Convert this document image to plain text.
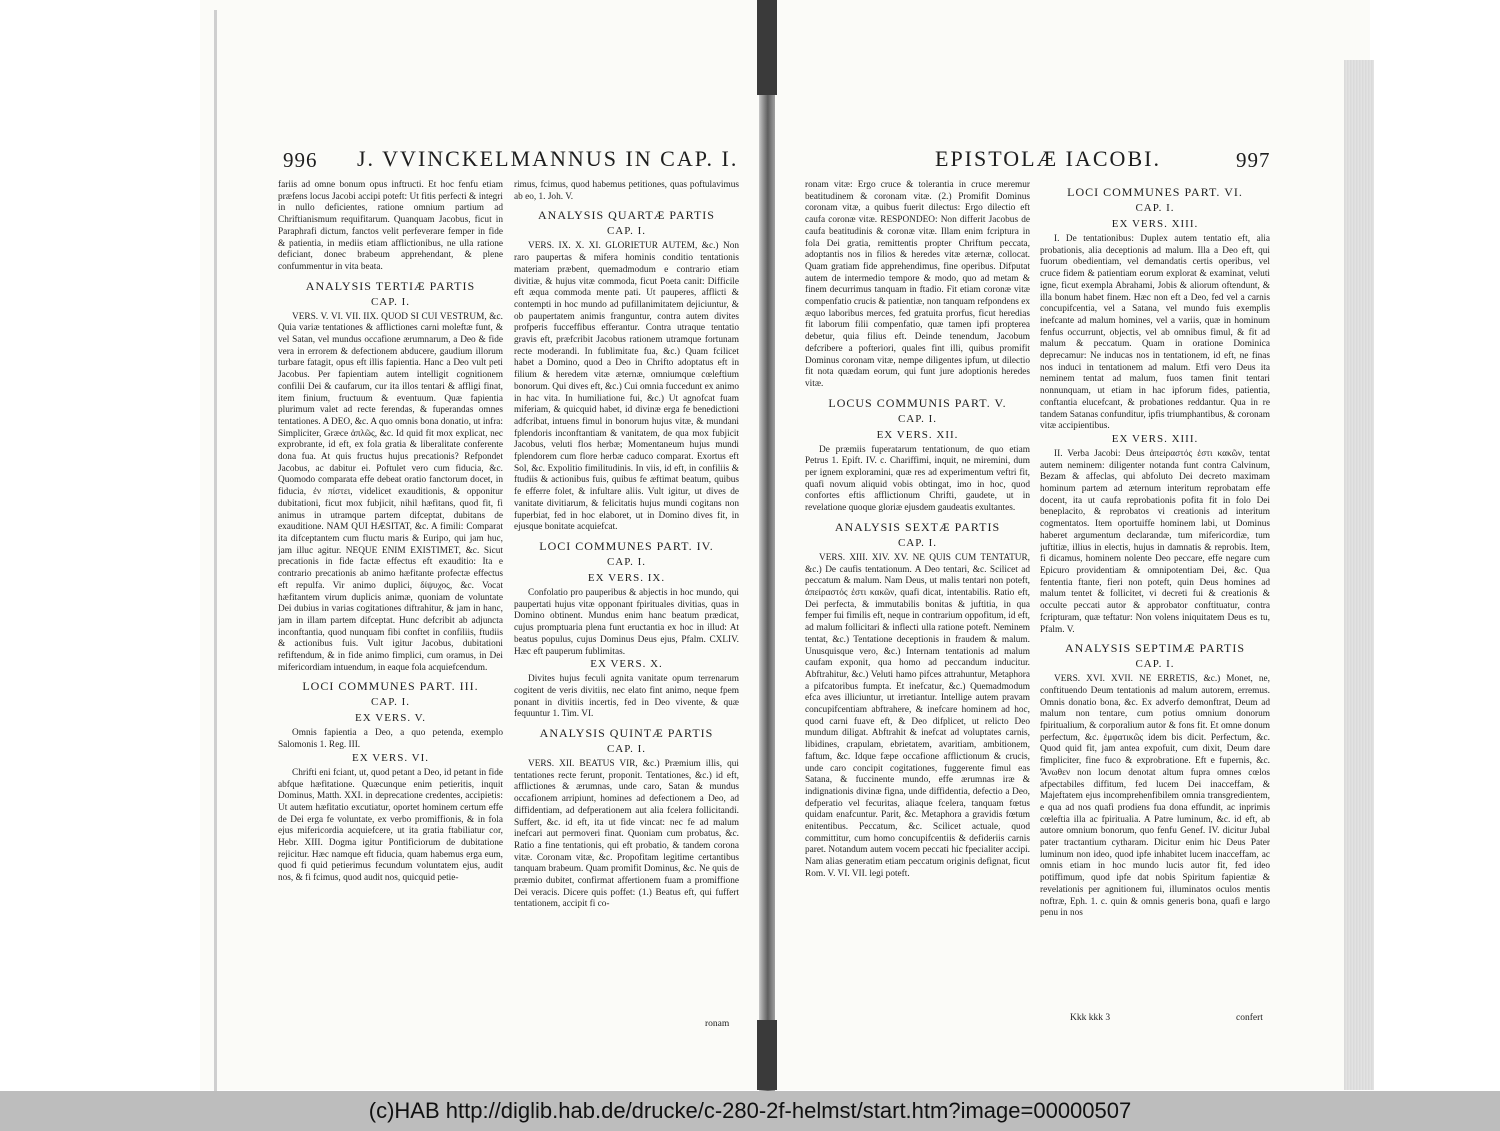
996 J. VVINCKELMANNUS IN CAP. I.	EPISTOLÆ IACOBI.	997

fariis ad omne bonum opus inftructi. Et hoc fenfu etiam præfens locus Jacobi accipi poteft: Ut fitis perfecti & integri in nullo deficientes, ratione omnium partium ad Chriftianismum requifitarum. Quanquam Jacobus, ficut in Paraphrafi dictum, fanctos velit perfeverare femper in fide & patientia, in mediis etiam afflictionibus, ne ulla ratione deficiant, donec brabeum apprehendant, & plene confummentur in vita beata.

ANALYSIS TERTIÆ PARTIS
CAP. I.

VERS. V. VI. VII. IIX. QUOD SI CUI VESTRUM, &c. Quia variæ tentationes & afflictiones carni moleftæ funt, & vel Satan, vel mundus occafione ærumnarum, a Deo & fide vera in errorem & defectionem abducere, gaudium illorum turbare fatagit, opus eft illis fapientia. Hanc a Deo vult peti Jacobus. Per fapientiam autem intelligit cognitionem confilii Dei & caufarum, cur ita illos tentari & affligi finat, item finium, fructuum & eventuum. Quæ fapientia plurimum valet ad recte ferendas, & fuperandas omnes tentationes. A DEO, &c. A quo omnis bona donatio, ut infra: Simpliciter, Græce ἁπλῶς, &c. Id quid fit mox explicat, nec exprobrante, id eft, ex fola gratia & liberalitate conferente dona fua. At quis fructus hujus precationis? Refpondet Jacobus, ac dabitur ei. Poftulet vero cum fiducia, &c. Quomodo comparata effe debeat oratio fanctorum docet, in fiducia, ἐν πίστει, videlicet exauditionis, & opponitur dubitationi, ficut mox fubjicit, nihil hæfitans, quod fit, fi animus in utramque partem difceptat, dubitans de exauditione. NAM QUI HÆSITAT, &c. A fimili: Comparat ita difceptantem cum fluctu maris & Euripo, qui jam huc, jam illuc agitur. NEQUE ENIM EXISTIMET, &c. Sicut precationis in fide factæ effectus eft exauditio: Ita e contrario precationis ab animo hæfitante profectæ effectus eft repulfa. Vir animo duplici, δίψυχος, &c. Vocat hæfitantem virum duplicis animæ, quoniam de voluntate Dei dubius in varias cogitationes diftrahitur, & jam in hanc, jam in illam partem difceptat. Hunc defcribit ab adjuncta inconftantia, quod nunquam fibi conftet in confiliis, ftudiis & actionibus fuis. Vult igitur Jacobus, dubitationi refiftendum, & in fide animo fimplici, cum oramus, in Dei mifericordiam intuendum, in eaque fola acquiefcendum.

LOCI COMMUNES PART. III.
CAP. I.
EX VERS. V.

Omnis fapientia a Deo, a quo petenda, exemplo Salomonis 1. Reg. III.

EX VERS. VI.

Chrifti eni fciant, ut, quod petant a Deo, id petant in fide abfque hæfitatione. Quæcunque enim petieritis, inquit Dominus, Matth. XXI. in deprecatione credentes, accipietis: Ut autem hæfitatio excutiatur, oportet hominem certum effe de Dei erga fe voluntate, ex verbo promiffionis, & in fola ejus mifericordia acquiefcere, ut ita gratia ftabiliatur cor, Hebr. XIII. Dogma igitur Pontificiorum de dubitatione rejicitur. Hæc namque eft fiducia, quam habemus erga eum, quod fi quid petierimus fecundum voluntatem ejus, audit nos, & fi fcimus, quod audit nos, quicquid petie-

rimus, fcimus, quod habemus petitiones, quas poftulavimus ab eo, 1. Joh. V.

ANALYSIS QUARTÆ PARTIS
CAP. I.

VERS. IX. X. XI. GLORIETUR AUTEM, &c.) Non raro paupertas & mifera hominis conditio tentationis materiam præbent, quemadmodum e contrario etiam divitiæ, & hujus vitæ commoda, ficut Poeta canit: Difficile eft æqua commoda mente pati. Ut pauperes, afflicti & contempti in hoc mundo ad pufillanimitatem dejiciuntur, & ob paupertatem animis franguntur, contra autem divites profperis fucceffibus efferantur. Contra utraque tentatio gravis eft, præfcribit Jacobus rationem utramque fortunam recte moderandi. In fublimitate fua, &c.) Quam fcilicet habet a Domino, quod a Deo in Chrifto adoptatus eft in filium & heredem vitæ æternæ, omniumque cœleftium bonorum. Qui dives eft, &c.) Cui omnia fuccedunt ex animo in hac vita. In humiliatione fui, &c.) Ut agnofcat fuam miferiam, & quicquid habet, id divinæ erga fe benedictioni adfcribat, intuens fimul in bonorum hujus vitæ, & mundani fplendoris inconftantiam & vanitatem, de qua mox fubjicit Jacobus, veluti flos herbæ; Momentaneum hujus mundi fplendorem cum flore herbæ caduco comparat. Exortus eft Sol, &c. Expolitio fimilitudinis. In viis, id eft, in confiliis & ftudiis & actionibus fuis, quibus fe æftimat beatum, quibus fe efferre folet, & infultare aliis. Vult igitur, ut dives de vanitate divitiarum, & felicitatis hujus mundi cogitans non fuperbiat, fed in hoc elaboret, ut in Domino dives fit, in ejusque bonitate acquiefcat.

LOCI COMMUNES PART. IV.
CAP. I.
EX VERS. IX.

Confolatio pro pauperibus & abjectis in hoc mundo, qui paupertati hujus vitæ opponant fpirituales divitias, quas in Domino obtinent. Mundus enim hanc beatum prædicat, cujus promptuaria plena funt eructantia ex hoc in illud: At beatus populus, cujus Dominus Deus ejus, Pfalm. CXLIV. Hæc eft pauperum fublimitas.

EX VERS. X.

Divites hujus feculi agnita vanitate opum terrenarum cogitent de veris divitiis, nec elato fint animo, neque fpem ponant in divitiis incertis, fed in Deo vivente, & quæ fequuntur 1. Tim. VI.

ANALYSIS QUINTÆ PARTIS
CAP. I.

VERS. XII. BEATUS VIR, &c.) Præmium illis, qui tentationes recte ferunt, proponit. Tentationes, &c.) id eft, afflictiones & ærumnas, unde caro, Satan & mundus occafionem arripiunt, homines ad defectionem a Deo, ad diffidentiam, ad defperationem aut alia fcelera follicitandi. Suffert, &c. id eft, ita ut fide vincat: nec fe ad malum inefcari aut permoveri finat. Quoniam cum probatus, &c. Ratio a fine tentationis, qui eft probatio, & tandem corona vitæ. Coronam vitæ, &c. Propofitam legitime certantibus tanquam brabeum. Quam promifit Dominus, &c. Ne quis de præmio dubitet, confirmat affertionem fuam a promiffione Dei veracis. Dicere quis poffet: (1.) Beatus eft, qui fuffert tentationem, accipit fi co-

ronam

ronam vitæ: Ergo cruce & tolerantia in cruce meremur beatitudinem & coronam vitæ. (2.) Promifit Dominus coronam vitæ, a quibus fuerit dilectus: Ergo dilectio eft caufa coronæ vitæ. RESPONDEO: Non differit Jacobus de caufa beatitudinis & coronæ vitæ. Illam enim fcriptura in fola Dei gratia, remittentis propter Chriftum peccata, adoptantis nos in filios & heredes vitæ æternæ, collocat. Quam gratiam fide apprehendimus, fine operibus. Difputat autem de intermedio tempore & modo, quo ad metam & finem decurrimus tanquam in ftadio. Fit etiam coronæ vitæ compenfatio crucis & patientiæ, non tanquam refpondens ex æquo laboribus merces, fed gratuita prorfus, ficut heredias fit laborum filii compenfatio, quæ tamen ipfi propterea debetur, quia filius eft. Deinde tenendum, Jacobum defcribere a pofteriori, quales fint illi, quibus promifit Dominus coronam vitæ, nempe diligentes ipfum, ut dilectio fit nota quædam eorum, qui funt jure adoptionis heredes vitæ.

LOCUS COMMUNIS PART. V.
CAP. I.
EX VERS. XII.

De præmiis fuperatarum tentationum, de quo etiam Petrus 1. Epift. IV. c. Chariffimi, inquit, ne miremini, dum per ignem exploramini, quæ res ad experimentum veftri fit, quafi novum aliquid vobis obtingat, imo in hoc, quod confortes eftis afflictionum Chrifti, gaudete, ut in revelatione quoque gloriæ ejusdem gaudeatis exultantes.

ANALYSIS SEXTÆ PARTIS
CAP. I.

VERS. XIII. XIV. XV. NE QUIS CUM TENTATUR, &c.) De caufis tentationum. A Deo tentari, &c. Scilicet ad peccatum & malum. Nam Deus, ut malis tentari non poteft, ἀπείραστός ἐστι κακῶν, quafi dicat, intentabilis. Ratio eft, Dei perfecta, & immutabilis bonitas & juftitia, in qua femper fui fimilis eft, neque in contrarium oppofitum, id eft, ad malum follicitari & inflecti ulla ratione poteft. Neminem tentat, &c.) Tentatione deceptionis in fraudem & malum. Unusquisque vero, &c.) Internam tentationis ad malum caufam exponit, qua homo ad peccandum inducitur. Abftrahitur, &c.) Veluti hamo pifces attrahuntur, Metaphora a pifcatoribus fumpta. Et inefcatur, &c.) Quemadmodum efca aves illiciuntur, ut irretiantur. Intellige autem pravam concupifcentiam abftrahere, & inefcare hominem ad hoc, quod carni fuave eft, & Deo difplicet, ut relicto Deo mundum diligat. Abftrahit & inefcat ad voluptates carnis, libidines, crapulam, ebrietatem, avaritiam, ambitionem, faftum, &c. Idque fæpe occafione afflictionum & crucis, unde caro concipit cogitationes, fuggerente fimul eas Satana, & fuccinente mundo, effe ærumnas iræ & indignationis divinæ figna, unde diffidentia, defectio a Deo, defperatio vel fecuritas, aliaque fcelera, tanquam fœtus quidam enafcuntur. Parit, &c. Metaphora a gravidis fœtum enitentibus. Peccatum, &c. Scilicet actuale, quod committitur, cum homo concupifcentiis & defideriis carnis paret. Notandum autem vocem peccati hic fpecialiter accipi. Nam alias generatim etiam peccatum originis defignat, ficut Rom. V. VI. VII. legi poteft.

LOCI COMMUNES PART. VI.
CAP. I.
EX VERS. XIII.

I. De tentationibus: Duplex autem tentatio eft, alia probationis, alia deceptionis ad malum. Illa a Deo eft, qui fuorum obedientiam, vel demandatis certis operibus, vel cruce fidem & patientiam eorum explorat & examinat, veluti igne, ficut exempla Abrahami, Jobis & aliorum oftendunt, & illa bonum habet finem. Hæc non eft a Deo, fed vel a carnis concupifcentia, vel a Satana, vel mundo fuis exemplis inefcante ad malum homines, vel a variis, quæ in hominum fenfus occurrunt, objectis, vel ab omnibus fimul, & fit ad malum & peccatum. Quam in oratione Dominica deprecamur: Ne inducas nos in tentationem, id eft, ne finas nos induci in tentationem ad malum. Etfi vero Deus ita neminem tentat ad malum, fuos tamen finit tentari nonnunquam, ut etiam in hac ipforum fides, patientia, conftantia elucefcant, & probationes reddantur. Qua in re tandem Satanas confunditur, ipfis triumphantibus, & coronam vitæ accipientibus.

EX VERS. XIII.

II. Verba Jacobi: Deus ἀπείραστός ἐστι κακῶν, tentat autem neminem: diligenter notanda funt contra Calvinum, Bezam & affeclas, qui abfoluto Dei decreto maximam hominum partem ad æternum interitum reprobatam effe docent, ita ut caufa reprobationis pofita fit in folo Dei beneplacito, & reprobatos vi creationis ad interitum cogmentatos. Item oportuiffe hominem labi, ut Dominus haberet argumentum declarandæ, tum mifericordiæ, tum juftitiæ, illius in electis, hujus in damnatis & reprobis. Item, fi dicamus, hominem nolente Deo peccare, effe negare cum Epicuro providentiam & omnipotentiam Dei, &c. Qua fententia ftante, fieri non poteft, quin Deus homines ad malum tentet & follicitet, vi decreti fui & creationis & occulte peccati autor & approbator conftituatur, contra fcripturam, quæ teftatur: Non volens iniquitatem Deus es tu, Pfalm. V.

ANALYSIS SEPTIMÆ PARTIS
CAP. I.

VERS. XVI. XVII. NE ERRETIS, &c.) Monet, ne, conftituendo Deum tentationis ad malum autorem, erremus. Omnis donatio bona, &c. Ex adverfo demonftrat, Deum ad malum non tentare, cum potius omnium donorum fpiritualium, & corporalium autor & fons fit. Et omne donum perfectum, &c. ἐμφατικῶς idem bis dicit. Perfectum, &c. Quod quid fit, jam antea expofuit, cum dixit, Deum dare fimpliciter, fine fuco & exprobratione. Eft e fupernis, &c. Ἄνωθεν non locum denotat altum fupra omnes cœlos afpectabiles diffitum, fed lucem Dei inacceffam, & Majeftatem ejus incomprehenfibilem omnia transgredientem, e qua ad nos quafi prodiens fua dona effundit, ac inprimis cœleftia illa ac fpiritualia. A Patre luminum, &c. id eft, ab autore omnium bonorum, quo fenfu Genef. IV. dicitur Jubal pater tractantium cytharam. Dicitur enim hic Deus Pater luminum non ideo, quod ipfe inhabitet lucem inacceffam, ac omnis etiam in hoc mundo lucis autor fit, fed ideo potiffimum, quod ipfe dat nobis Spiritum fapientiæ & revelationis per agnitionem fui, illuminatos oculos mentis noftræ, Eph. 1. c. quin & omnis generis bona, quafi e largo penu in nos

Kkk kkk 3	confert
(c)HAB http://diglib.hab.de/drucke/c-280-2f-helmst/start.htm?image=00000507
